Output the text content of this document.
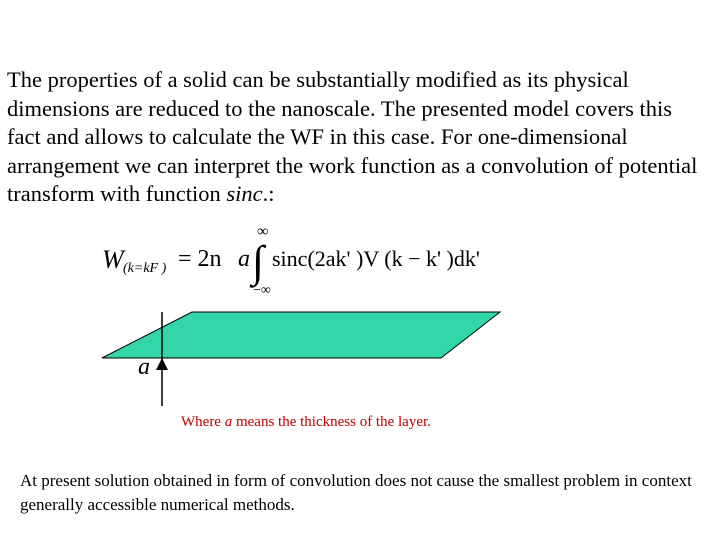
The properties of a solid can be substantially modified as its physical dimensions are reduced to the nanoscale. The presented model covers this fact and allows to calculate the WF in this case. For one-dimensional arrangement we can interpret the work function as a convolution of potential transform with function sinc.:

W (k=kF ) = 2n a
∞
∫
−∞
sinc(2ak' )V (k − k' )dk'
a

Where a means the thickness of the layer.

At present solution obtained in form of convolution does not cause the smallest problem in context generally accessible numerical methods.
